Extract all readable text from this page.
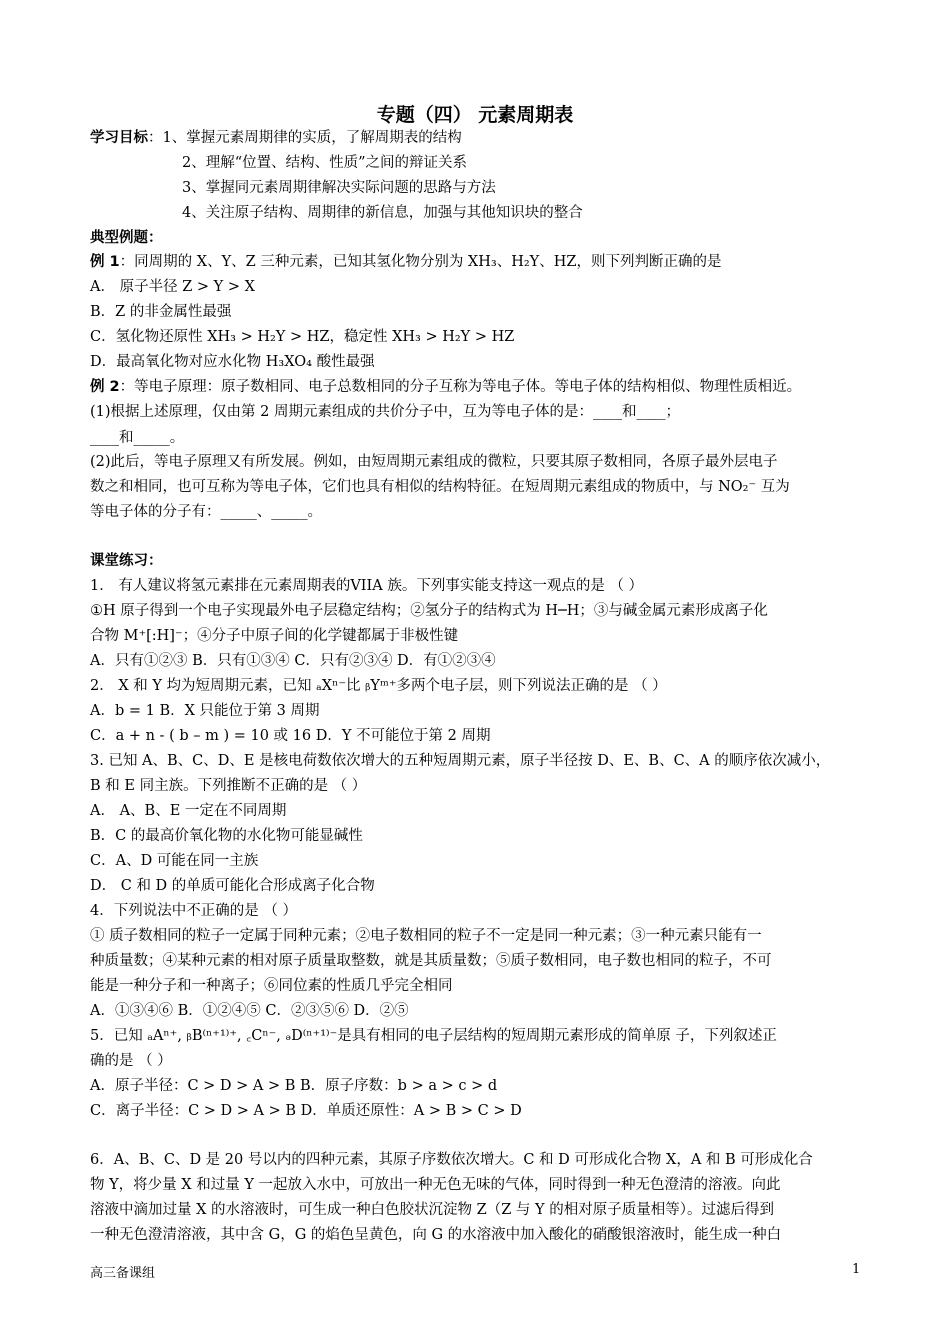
专题（四） 元素周期表
学习目标：1、掌握元素周期律的实质，了解周期表的结构
2、理解“位置、结构、性质”之间的辩证关系
3、掌握同元素周期律解决实际问题的思路与方法
4、关注原子结构、周期律的新信息，加强与其他知识块的整合
典型例题：
例 1：同周期的 X、Y、Z 三种元素，已知其氢化物分别为 XH₃、H₂Y、HZ，则下列判断正确的是
A． 原子半径 Z > Y > X
B．Z 的非金属性最强
C．氢化物还原性 XH₃ > H₂Y > HZ，稳定性 XH₃ > H₂Y > HZ
D．最高氧化物对应水化物 H₃XO₄ 酸性最强
例 2：等电子原理：原子数相同、电子总数相同的分子互称为等电子体。等电子体的结构相似、物理性质相近。
(1)根据上述原理，仅由第 2 周期元素组成的共价分子中，互为等电子体的是：____和____；
____和_____。
(2)此后，等电子原理又有所发展。例如，由短周期元素组成的微粒，只要其原子数相同，各原子最外层电子
数之和相同，也可互称为等电子体，它们也具有相似的结构特征。在短周期元素组成的物质中，与 NO₂⁻ 互为
等电子体的分子有：_____、_____。
课堂练习：
1． 有人建议将氢元素排在元素周期表的VIIA 族。下列事实能支持这一观点的是 （ ）
①H 原子得到一个电子实现最外电子层稳定结构；②氢分子的结构式为 H─H；③与碱金属元素形成离子化
合物 M⁺[:H]⁻；④分子中原子间的化学键都属于非极性键
A．只有①②③ B．只有①③④ C．只有②③④ D．有①②③④
2． X 和 Y 均为短周期元素，已知 ₐXⁿ⁻比 ᵦYᵐ⁺多两个电子层，则下列说法正确的是 （ ）
A．b = 1 B．X 只能位于第 3 周期
C．a + n - ( b – m ) = 10 或 16 D．Y 不可能位于第 2 周期
3. 已知 A、B、C、D、E 是核电荷数依次增大的五种短周期元素，原子半径按 D、E、B、C、A 的顺序依次减小，
B 和 E 同主族。下列推断不正确的是 （ ）
A． A、B、E 一定在不同周期
B．C 的最高价氧化物的水化物可能显碱性
C．A、D 可能在同一主族
D． C 和 D 的单质可能化合形成离子化合物
4．下列说法中不正确的是 （ ）
① 质子数相同的粒子一定属于同种元素；②电子数相同的粒子不一定是同一种元素；③一种元素只能有一
种质量数；④某种元素的相对原子质量取整数，就是其质量数；⑤质子数相同，电子数也相同的粒子，不可
能是一种分子和一种离子；⑥同位素的性质几乎完全相同
A．①③④⑥ B．①②④⑤ C．②③⑤⑥ D．②⑤
5．已知 ₐAⁿ⁺, ᵦB⁽ⁿ⁺¹⁾⁺, ꜀Cⁿ⁻, ₔD⁽ⁿ⁺¹⁾⁻是具有相同的电子层结构的短周期元素形成的简单原 子，下列叙述正
确的是 （ ）
A．原子半径：C > D > A > B B．原子序数：b > a > c > d
C．离子半径：C > D > A > B D．单质还原性：A > B > C > D
6．A、B、C、D 是 20 号以内的四种元素，其原子序数依次增大。C 和 D 可形成化合物 X，A 和 B 可形成化合
物 Y，将少量 X 和过量 Y 一起放入水中，可放出一种无色无味的气体，同时得到一种无色澄清的溶液。向此
溶液中滴加过量 X 的水溶液时，可生成一种白色胶状沉淀物 Z（Z 与 Y 的相对原子质量相等）。过滤后得到
一种无色澄清溶液，其中含 G，G 的焰色呈黄色，向 G 的水溶液中加入酸化的硝酸银溶液时，能生成一种白
高三备课组	1
